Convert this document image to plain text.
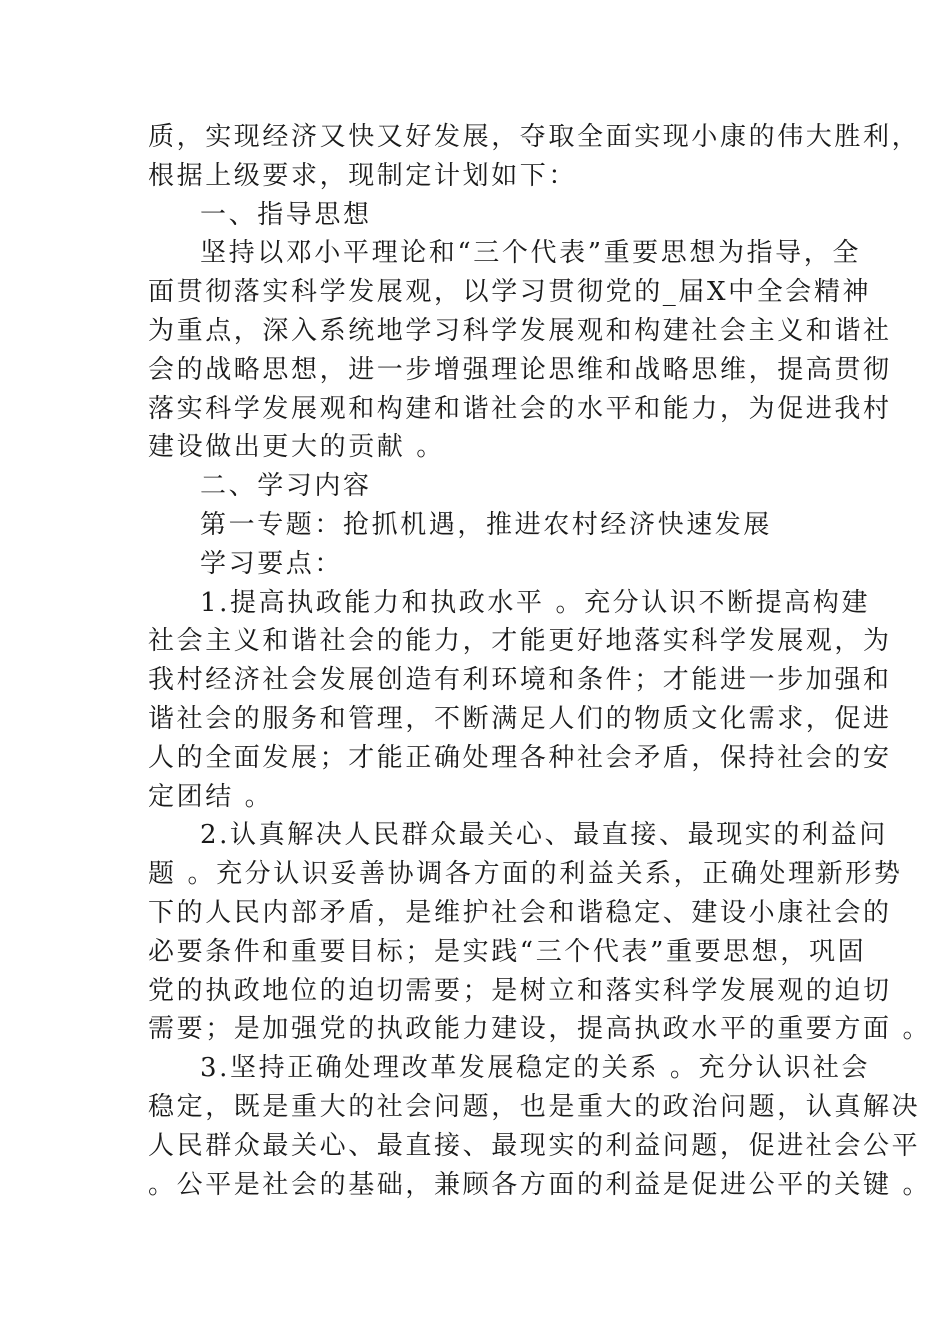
质，实现经济又快又好发展，夺取全面实现小康的伟大胜利，
根据上级要求，现制定计划如下：
一、指导思想
坚持以邓小平理论和“三个代表”重要思想为指导，全
面贯彻落实科学发展观，以学习贯彻党的_届X中全会精神
为重点，深入系统地学习科学发展观和构建社会主义和谐社
会的战略思想，进一步增强理论思维和战略思维，提高贯彻
落实科学发展观和构建和谐社会的水平和能力，为促进我村
建设做出更大的贡献 。
二、学习内容
第一专题：抢抓机遇，推进农村经济快速发展
学习要点：
1.提高执政能力和执政水平 。充分认识不断提高构建
社会主义和谐社会的能力，才能更好地落实科学发展观，为
我村经济社会发展创造有利环境和条件；才能进一步加强和
谐社会的服务和管理，不断满足人们的物质文化需求，促进
人的全面发展；才能正确处理各种社会矛盾，保持社会的安
定团结 。
2.认真解决人民群众最关心、最直接、最现实的利益问
题 。充分认识妥善协调各方面的利益关系，正确处理新形势
下的人民内部矛盾，是维护社会和谐稳定、建设小康社会的
必要条件和重要目标；是实践“三个代表”重要思想，巩固
党的执政地位的迫切需要；是树立和落实科学发展观的迫切
需要；是加强党的执政能力建设，提高执政水平的重要方面 。
3.坚持正确处理改革发展稳定的关系 。充分认识社会
稳定，既是重大的社会问题，也是重大的政治问题，认真解决
人民群众最关心、最直接、最现实的利益问题，促进社会公平
。公平是社会的基础，兼顾各方面的利益是促进公平的关键 。
